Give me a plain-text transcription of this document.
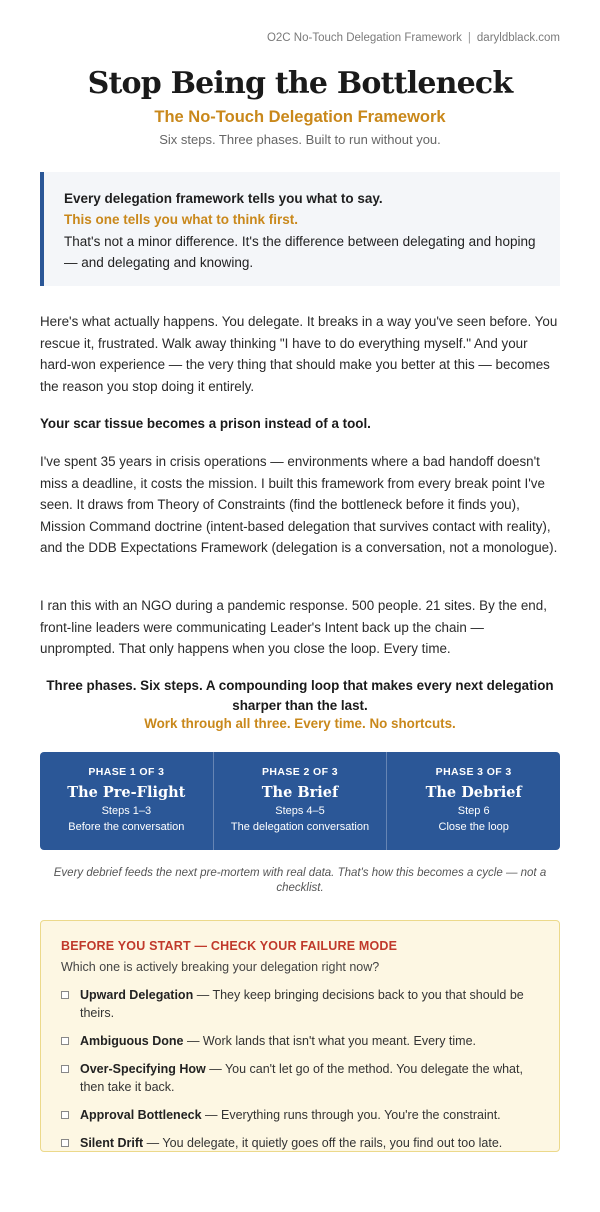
O2C No-Touch Delegation Framework | daryldblack.com
Stop Being the Bottleneck
The No-Touch Delegation Framework
Six steps. Three phases. Built to run without you.
Every delegation framework tells you what to say.
This one tells you what to think first.
That's not a minor difference. It's the difference between delegating and hoping — and delegating and knowing.

Here's what actually happens. You delegate. It breaks in a way you've seen before. You rescue it, frustrated. Walk away thinking "I have to do everything myself." And your hard-won experience — the very thing that should make you better at this — becomes the reason you stop doing it entirely.

Your scar tissue becomes a prison instead of a tool.

I've spent 35 years in crisis operations — environments where a bad handoff doesn't miss a deadline, it costs the mission. I built this framework from every break point I've seen. It draws from Theory of Constraints (find the bottleneck before it finds you), Mission Command doctrine (intent-based delegation that survives contact with reality), and the DDB Expectations Framework (delegation is a conversation, not a monologue).

I ran this with an NGO during a pandemic response. 500 people. 21 sites. By the end, front-line leaders were communicating Leader's Intent back up the chain — unprompted. That only happens when you close the loop. Every time.

Three phases. Six steps. A compounding loop that makes every next delegation sharper than the last.
Work through all three. Every time. No shortcuts.
PHASE 1 OF 3
The Pre-Flight
Steps 1–3
Before the conversation
PHASE 2 OF 3
The Brief
Steps 4–5
The delegation conversation
PHASE 3 OF 3
The Debrief
Step 6
Close the loop
Every debrief feeds the next pre-mortem with real data. That's how this becomes a cycle — not a checklist.
BEFORE YOU START — CHECK YOUR FAILURE MODE
Which one is actively breaking your delegation right now?
Upward Delegation — They keep bringing decisions back to you that should be theirs.
Ambiguous Done — Work lands that isn't what you meant. Every time.
Over-Specifying How — You can't let go of the method. You delegate the what, then take it back.
Approval Bottleneck — Everything runs through you. You're the constraint.
Silent Drift — You delegate, it quietly goes off the rails, you find out too late.
